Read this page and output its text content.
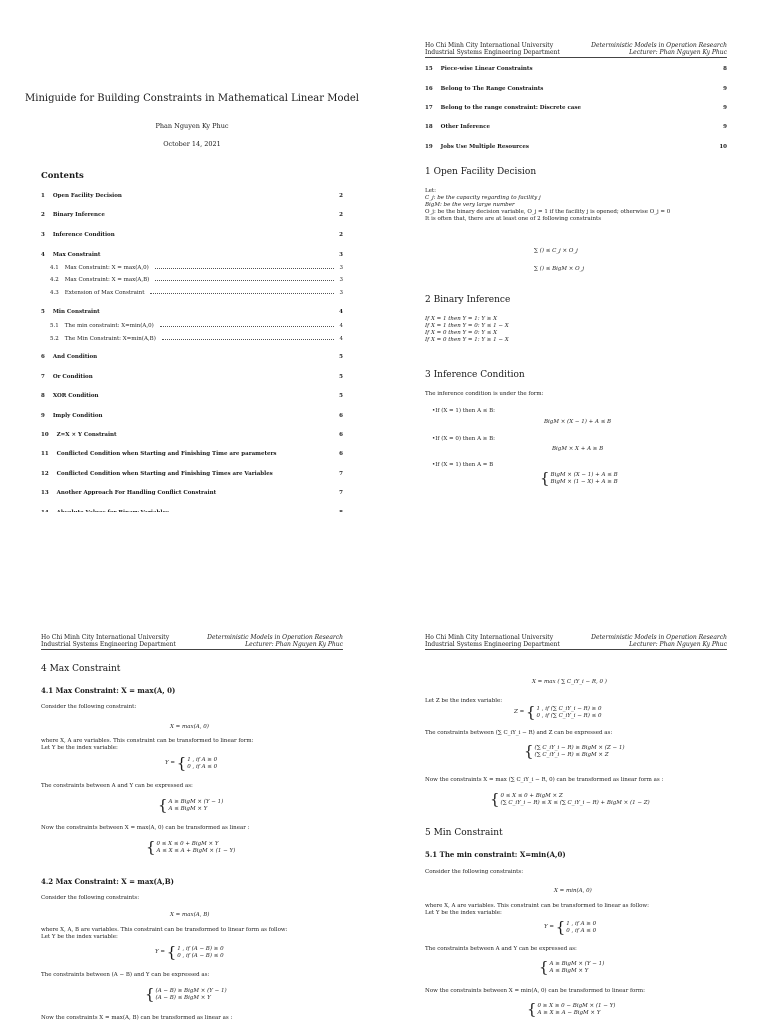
Miniguide for Building Constraints in Mathematical Linear Model
Phan Nguyen Ky Phuc
October 14, 2021
Contents
1 Open Facility Decision	2
2 Binary Inference	2
3 Inference Condition	2
4 Max Constraint	3
4.1 Max Constraint: X = max(A,0)	3
4.2 Max Constraint: X = max(A,B)	3
4.3 Extension of Max Constraint	3
5 Min Constraint	4
5.1 The min constraint: X=min(A,0)	4
5.2 The Min Constraint: X=min(A,B)	4
6 And Condition	5
7 Or Condition	5
8 XOR Condition	5
9 Imply Condition	6
10 Z=X × Y Constraint	6
11 Conflicted Condition when Starting and Finishing Time are parameters	6
12 Conflicted Condition when Starting and Finishing Times are Variables	7
13 Another Approach For Handling Conflict Constraint	7
Ho Chi Minh City International University
Industrial Systems Engineering Department
Deterministic Models in Operation Research
Lecturer: Phan Nguyen Ky Phuc
15 Piece-wise Linear Constraints	8
16 Belong to The Range Constraints	9
17 Belong to the range constraint: Discrete case	9
18 Other Inference	9
19 Jobs Use Multiple Resources	10
1 Open Facility Decision
Let:
C_j: be the capacity regarding to facility j
BigM: be the very large number
O_j: be the binary decision variable, O_j = 1 if the facility j is opened; otherwise O_j = 0
It is often that, there are at least one of 2 following constraints
∑ () ≤ C_j × O_j
∑ () ≤ BigM × O_j
2 Binary Inference
If X = 1 then Y = 1: Y ≥ X
If X = 1 then Y = 0: Y ≤ 1 − X
If X = 0 then Y = 0: Y ≤ X
If X = 0 then Y = 1: Y ≥ 1 − X
3 Inference Condition
The inference condition is under the form:
• If (X = 1) then A ≤ B:
BigM × (X − 1) + A ≤ B
• If (X = 0) then A ≥ B:
BigM × X + A ≥ B
• If (X = 1) then A = B
{ BigM × (X − 1) + A ≤ B
BigM × (1 − X) + A ≥ B
Ho Chi Minh City International University
Industrial Systems Engineering Department
Deterministic Models in Operation Research
Lecturer: Phan Nguyen Ky Phuc
4 Max Constraint
4.1 Max Constraint: X = max(A, 0)
Consider the following constraint:
X = max(A, 0)
where X, A are variables. This constraint can be transformed to linear form:
Let Y be the index variable:
Y = { 1 , if A ≥ 0
0 , if A ≤ 0
The constraints between A and Y can be expressed as:
{ A ≥ BigM × (Y − 1)
A ≤ BigM × Y
Now the constraints between X = max(A, 0) can be transformed as linear :
{ 0 ≤ X ≤ 0 + BigM × Y
A ≤ X ≤ A + BigM × (1 − Y)
4.2 Max Constraint: X = max(A,B)
Consider the following constraints:
X = max(A, B)
where X, A, B are variables. This constraint can be transformed to linear form as follow:
Let Y be the index variable:
Y = { 1 , if (A − B) ≥ 0
0 , if (A − B) ≤ 0
The constraints between (A − B) and Y can be expressed as:
{ (A − B) ≥ BigM × (Y − 1)
(A − B) ≤ BigM × Y
Now the constraints X = max(A, B) can be transformed as linear as :
Ho Chi Minh City International University
Industrial Systems Engineering Department
Deterministic Models in Operation Research
Lecturer: Phan Nguyen Ky Phuc
X = max ( ∑ C_iY_i − R, 0 )
Let Z be the index variable:
Z = { 1 , if (∑ C_iY_i − R) ≥ 0
0 , if (∑ C_iY_i − R) ≤ 0
The constraints between (∑ C_iY_i − R) and Z can be expressed as:
{ (∑ C_iY_i − R) ≥ BigM × (Z − 1)
(∑ C_iY_i − R) ≤ BigM × Z
Now the constraints X = max (∑ C_iY_i − R, 0) can be transformed as linear form as :
{ 0 ≤ X ≤ 0 + BigM × Z
(∑ C_iY_i − R) ≤ X ≤ (∑ C_iY_i − R) + BigM × (1 − Z)
5 Min Constraint
5.1 The min constraint: X=min(A,0)
Consider the following constraints:
X = min(A, 0)
where X, A are variables. This constraint can be transformed to linear as follow:
Let Y be the index variable:
Y = { 1 , if A ≥ 0
0 , if A ≤ 0
The constraints between A and Y can be expressed as:
{ A ≥ BigM × (Y − 1)
A ≤ BigM × Y
Now the constraints between X = min(A, 0) can be transformed to linear form:
{ 0 ≥ X ≥ 0 − BigM × (1 − Y)
A ≥ X ≥ A − BigM × Y
